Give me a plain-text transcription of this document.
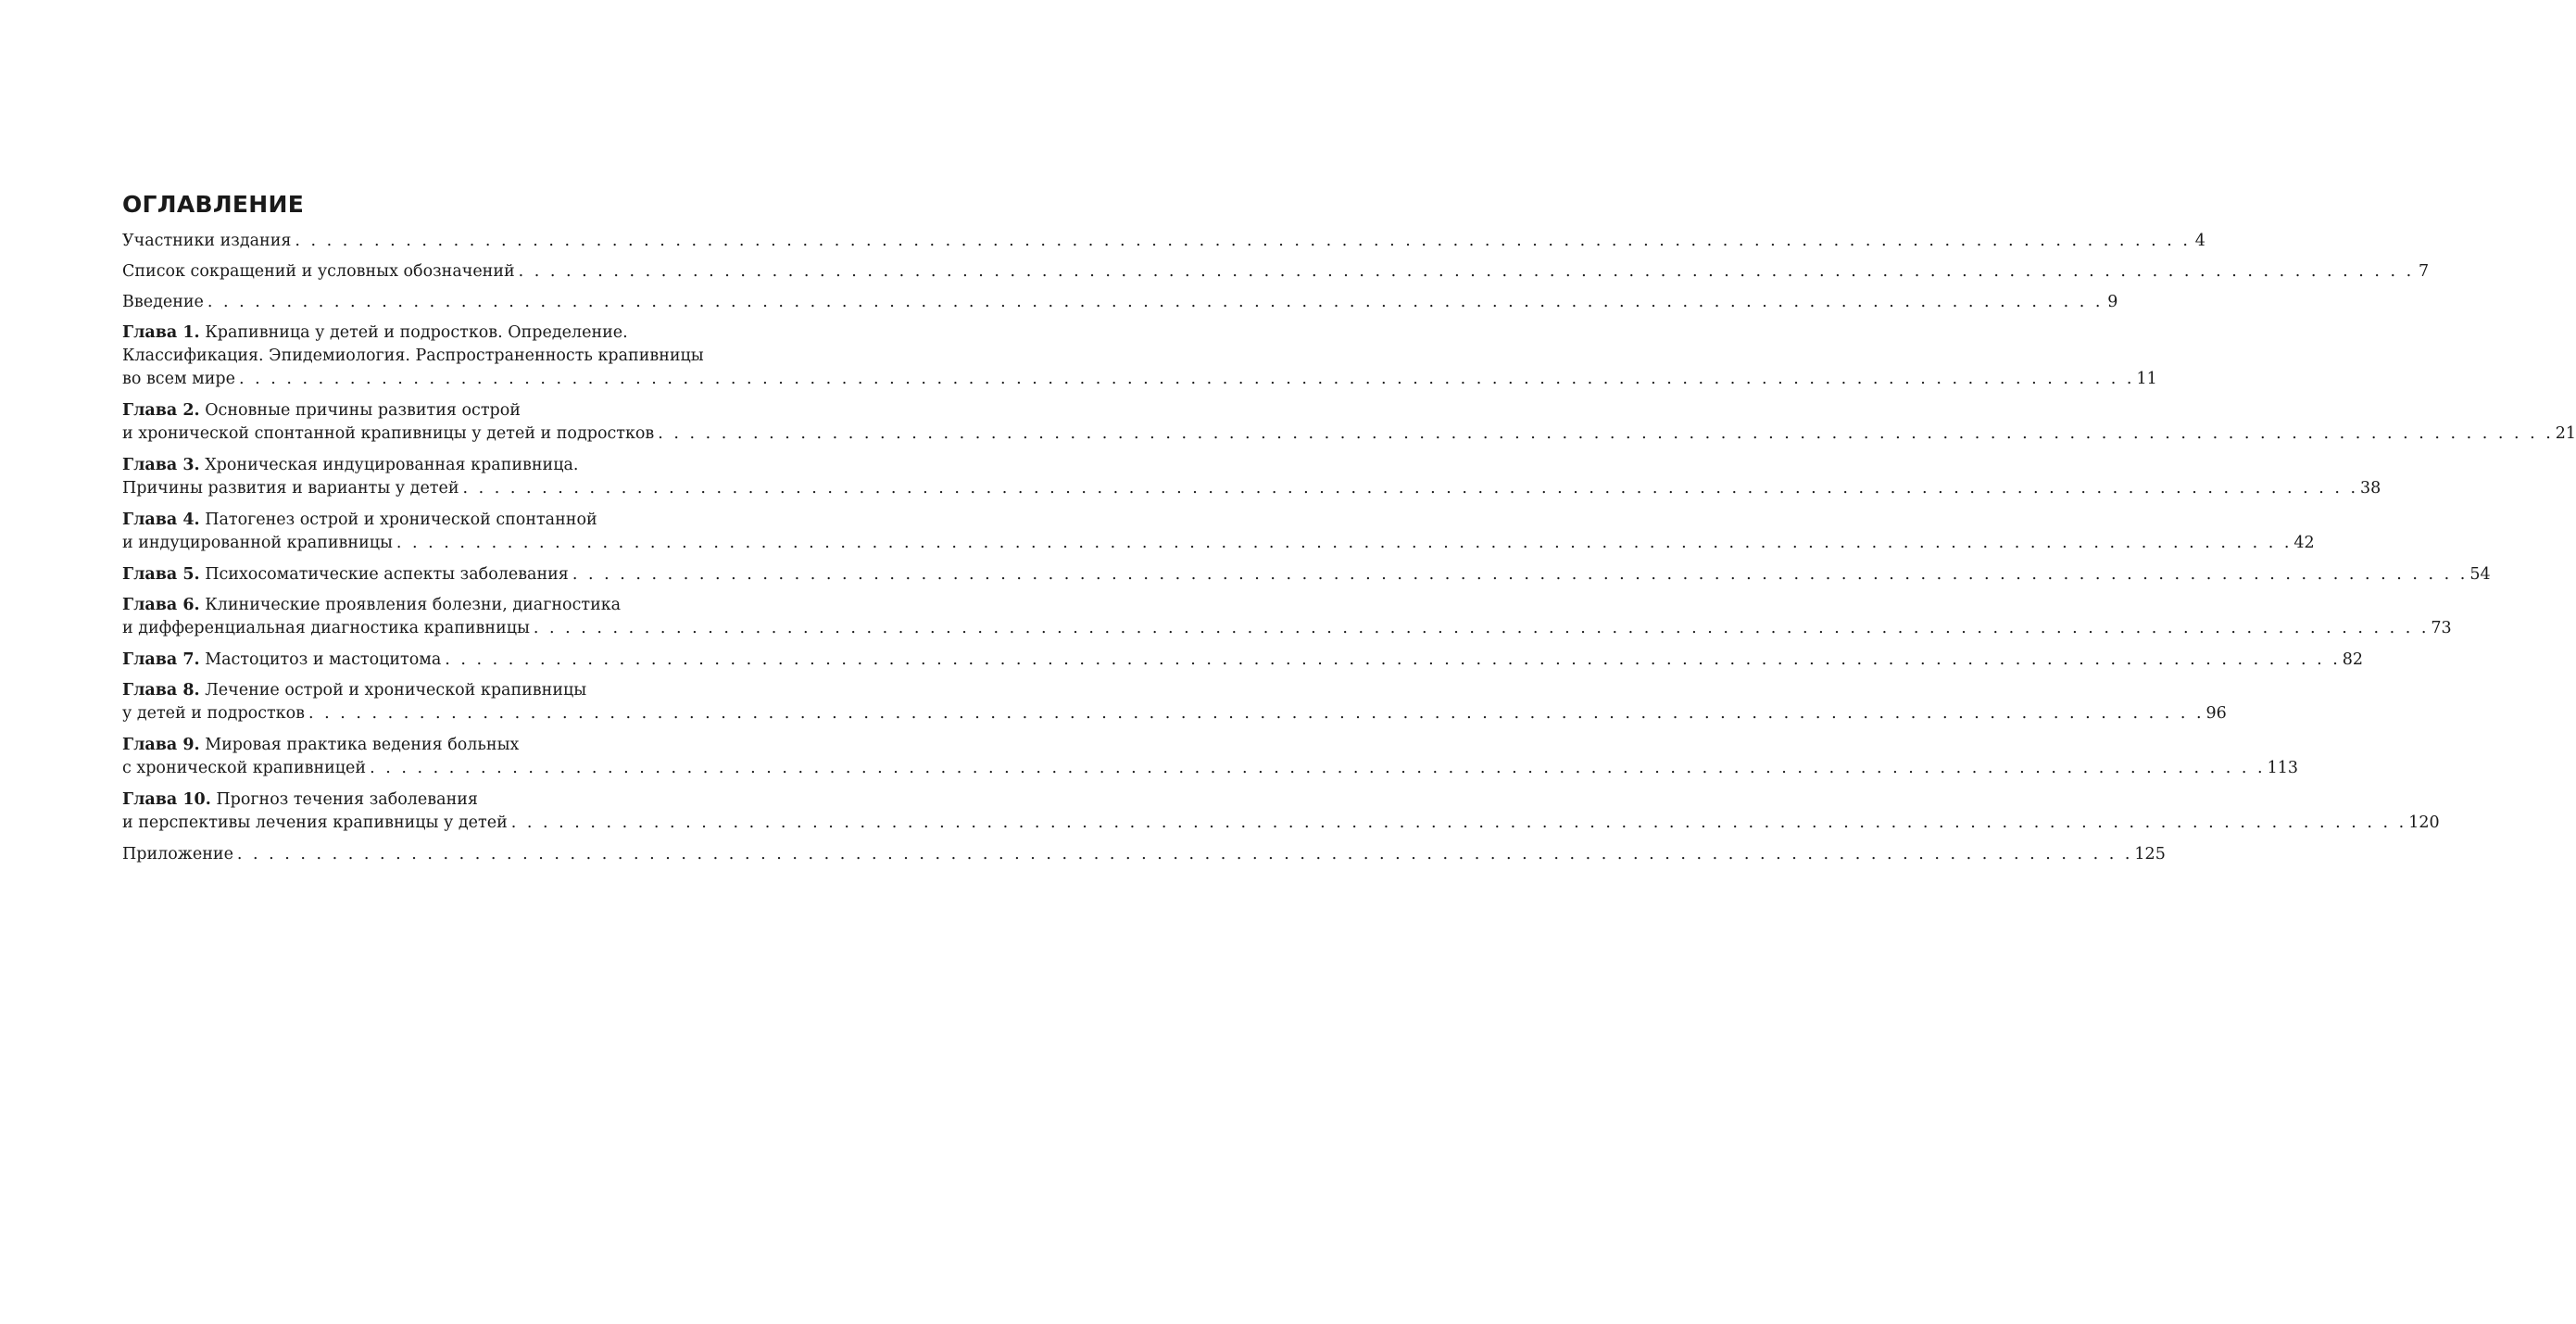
ОГЛАВЛЕНИЕ
Участники издания . . . . . . . . . . . . . . . . . . . . . . . . . . . . . . . . . . . . . . . . . . . . . . . . . . . . . . . . . . . . . . . . . . . . . . . . . . . . . . . . . . . . . . . . . . . . . . . . . . . . . . . . . . . . . . . . . . . . . . . . 4
Список сокращений и условных обозначений . . . . . . . . . . . . . . . . . . . . . . . . . . . . . . . . . . . . . . . . . . . . . . . . . . . . . . . . . . . . . . . . . . . . . . . . . . . . . . . . . . . . . . . . . . . . . . . . . . . . . . . . . . . . . . . . . . . . . . . . 7
Введение . . . . . . . . . . . . . . . . . . . . . . . . . . . . . . . . . . . . . . . . . . . . . . . . . . . . . . . . . . . . . . . . . . . . . . . . . . . . . . . . . . . . . . . . . . . . . . . . . . . . . . . . . . . . . . . . . . . . . . . . 9
Глава 1. Крапивница у детей и подростков. Определение.
Классификация. Эпидемиология. Распространенность крапивницы
во всем мире . . . . . . . . . . . . . . . . . . . . . . . . . . . . . . . . . . . . . . . . . . . . . . . . . . . . . . . . . . . . . . . . . . . . . . . . . . . . . . . . . . . . . . . . . . . . . . . . . . . . . . . . . . . . . . . . . . . . . . . . 11
Глава 2. Основные причины развития острой
и хронической спонтанной крапивницы у детей и подростков . . . . . . . . . . . . . . . . . . . . . . . . . . . . . . . . . . . . . . . . . . . . . . . . . . . . . . . . . . . . . . . . . . . . . . . . . . . . . . . . . . . . . . . . . . . . . . . . . . . . . . . . . . . . . . . . . . . . . . . . 21
Глава 3. Хроническая индуцированная крапивница.
Причины развития и варианты у детей . . . . . . . . . . . . . . . . . . . . . . . . . . . . . . . . . . . . . . . . . . . . . . . . . . . . . . . . . . . . . . . . . . . . . . . . . . . . . . . . . . . . . . . . . . . . . . . . . . . . . . . . . . . . . . . . . . . . . . . . 38
Глава 4. Патогенез острой и хронической спонтанной
и индуцированной крапивницы . . . . . . . . . . . . . . . . . . . . . . . . . . . . . . . . . . . . . . . . . . . . . . . . . . . . . . . . . . . . . . . . . . . . . . . . . . . . . . . . . . . . . . . . . . . . . . . . . . . . . . . . . . . . . . . . . . . . . . . . 42
Глава 5. Психосоматические аспекты заболевания . . . . . . . . . . . . . . . . . . . . . . . . . . . . . . . . . . . . . . . . . . . . . . . . . . . . . . . . . . . . . . . . . . . . . . . . . . . . . . . . . . . . . . . . . . . . . . . . . . . . . . . . . . . . . . . . . . . . . . . . 54
Глава 6. Клинические проявления болезни, диагностика
и дифференциальная диагностика крапивницы . . . . . . . . . . . . . . . . . . . . . . . . . . . . . . . . . . . . . . . . . . . . . . . . . . . . . . . . . . . . . . . . . . . . . . . . . . . . . . . . . . . . . . . . . . . . . . . . . . . . . . . . . . . . . . . . . . . . . . . . 73
Глава 7. Мастоцитоз и мастоцитома . . . . . . . . . . . . . . . . . . . . . . . . . . . . . . . . . . . . . . . . . . . . . . . . . . . . . . . . . . . . . . . . . . . . . . . . . . . . . . . . . . . . . . . . . . . . . . . . . . . . . . . . . . . . . . . . . . . . . . . . 82
Глава 8. Лечение острой и хронической крапивницы
у детей и подростков . . . . . . . . . . . . . . . . . . . . . . . . . . . . . . . . . . . . . . . . . . . . . . . . . . . . . . . . . . . . . . . . . . . . . . . . . . . . . . . . . . . . . . . . . . . . . . . . . . . . . . . . . . . . . . . . . . . . . . . . 96
Глава 9. Мировая практика ведения больных
с хронической крапивницей . . . . . . . . . . . . . . . . . . . . . . . . . . . . . . . . . . . . . . . . . . . . . . . . . . . . . . . . . . . . . . . . . . . . . . . . . . . . . . . . . . . . . . . . . . . . . . . . . . . . . . . . . . . . . . . . . . . . . . . . 113
Глава 10. Прогноз течения заболевания
и перспективы лечения крапивницы у детей . . . . . . . . . . . . . . . . . . . . . . . . . . . . . . . . . . . . . . . . . . . . . . . . . . . . . . . . . . . . . . . . . . . . . . . . . . . . . . . . . . . . . . . . . . . . . . . . . . . . . . . . . . . . . . . . . . . . . . . . 120
Приложение . . . . . . . . . . . . . . . . . . . . . . . . . . . . . . . . . . . . . . . . . . . . . . . . . . . . . . . . . . . . . . . . . . . . . . . . . . . . . . . . . . . . . . . . . . . . . . . . . . . . . . . . . . . . . . . . . . . . . . . . 125
